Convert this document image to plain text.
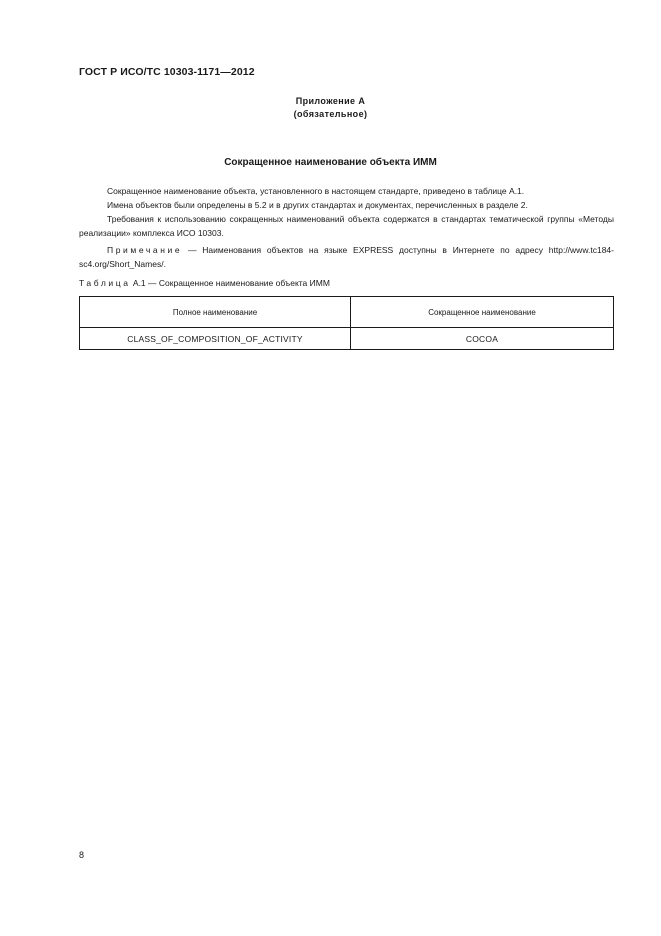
ГОСТ Р ИСО/ТС 10303-1171—2012
Приложение А
(обязательное)
Сокращенное наименование объекта ИММ

Сокращенное наименование объекта, установленного в настоящем стандарте, приведено в таблице А.1.

Имена объектов были определены в 5.2 и в других стандартах и документах, перечисленных в разделе 2.

Требования к использованию сокращенных наименований объекта содержатся в стандартах тематической группы «Методы реализации» комплекса ИСО 10303.

Примечание — Наименования объектов на языке EXPRESS доступны в Интернете по адресу http://www.tc184-sc4.org/Short_Names/.

Таблица А.1 — Сокращенное наименование объекта ИММ
Полное наименование	Сокращенное наименование
CLASS_OF_COMPOSITION_OF_ACTIVITY	COCOA
8
